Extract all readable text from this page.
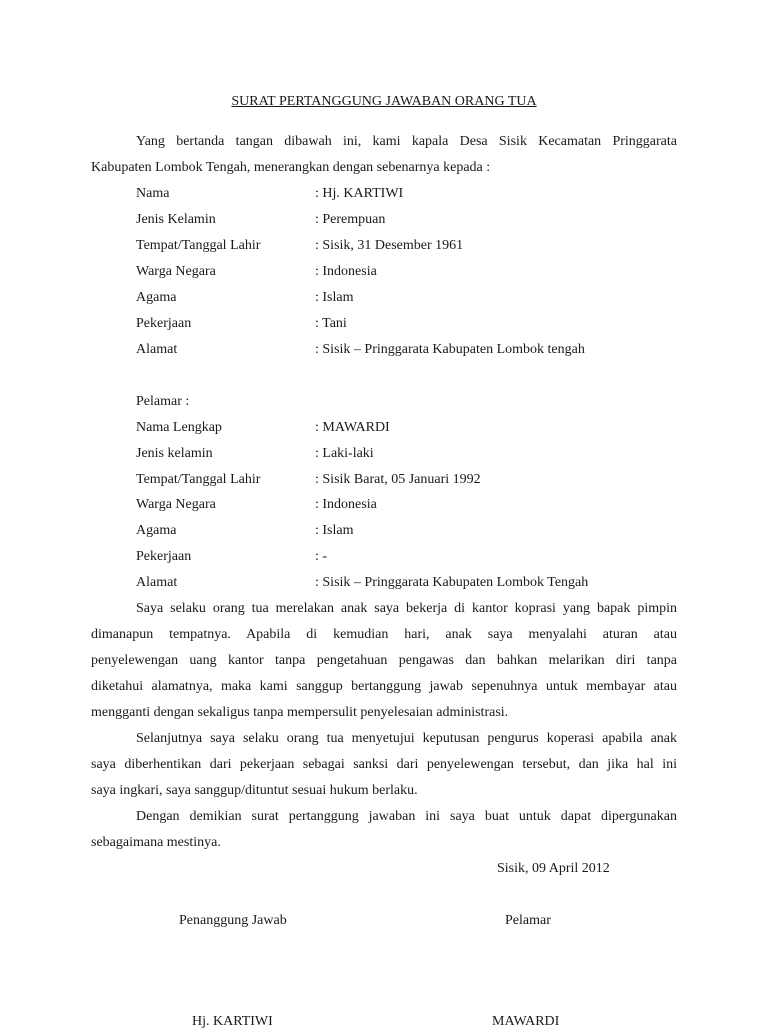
SURAT PERTANGGUNG JAWABAN ORANG TUA
Yang bertanda tangan dibawah ini, kami kapala Desa Sisik Kecamatan Pringgarata
Kabupaten Lombok Tengah, menerangkan dengan sebenarnya kepada :
Nama	: Hj. KARTIWI
Jenis Kelamin	: Perempuan
Tempat/Tanggal Lahir	: Sisik, 31 Desember 1961
Warga Negara	: Indonesia
Agama	: Islam
Pekerjaan	: Tani
Alamat	: Sisik – Pringgarata Kabupaten Lombok tengah
Pelamar :
Nama Lengkap	: MAWARDI
Jenis kelamin	: Laki-laki
Tempat/Tanggal Lahir	: Sisik Barat, 05 Januari 1992
Warga Negara	: Indonesia
Agama	: Islam
Pekerjaan	: -
Alamat	: Sisik – Pringgarata Kabupaten Lombok Tengah
Saya selaku orang tua merelakan anak saya bekerja di kantor koprasi yang bapak pimpin
dimanapun tempatnya. Apabila di kemudian hari, anak saya menyalahi aturan atau
penyelewengan uang kantor tanpa pengetahuan pengawas dan bahkan melarikan diri tanpa
diketahui alamatnya, maka kami sanggup bertanggung jawab sepenuhnya untuk membayar atau
mengganti dengan sekaligus tanpa mempersulit penyelesaian administrasi.
Selanjutnya saya selaku orang tua menyetujui keputusan pengurus koperasi apabila anak
saya diberhentikan dari pekerjaan sebagai sanksi dari penyelewengan tersebut, dan jika hal ini
saya ingkari, saya sanggup/dituntut sesuai hukum berlaku.
Dengan demikian surat pertanggung jawaban ini saya buat untuk dapat dipergunakan
sebagaimana mestinya.
Sisik, 09 April 2012
Penanggung Jawab	Pelamar
Hj. KARTIWI	MAWARDI
